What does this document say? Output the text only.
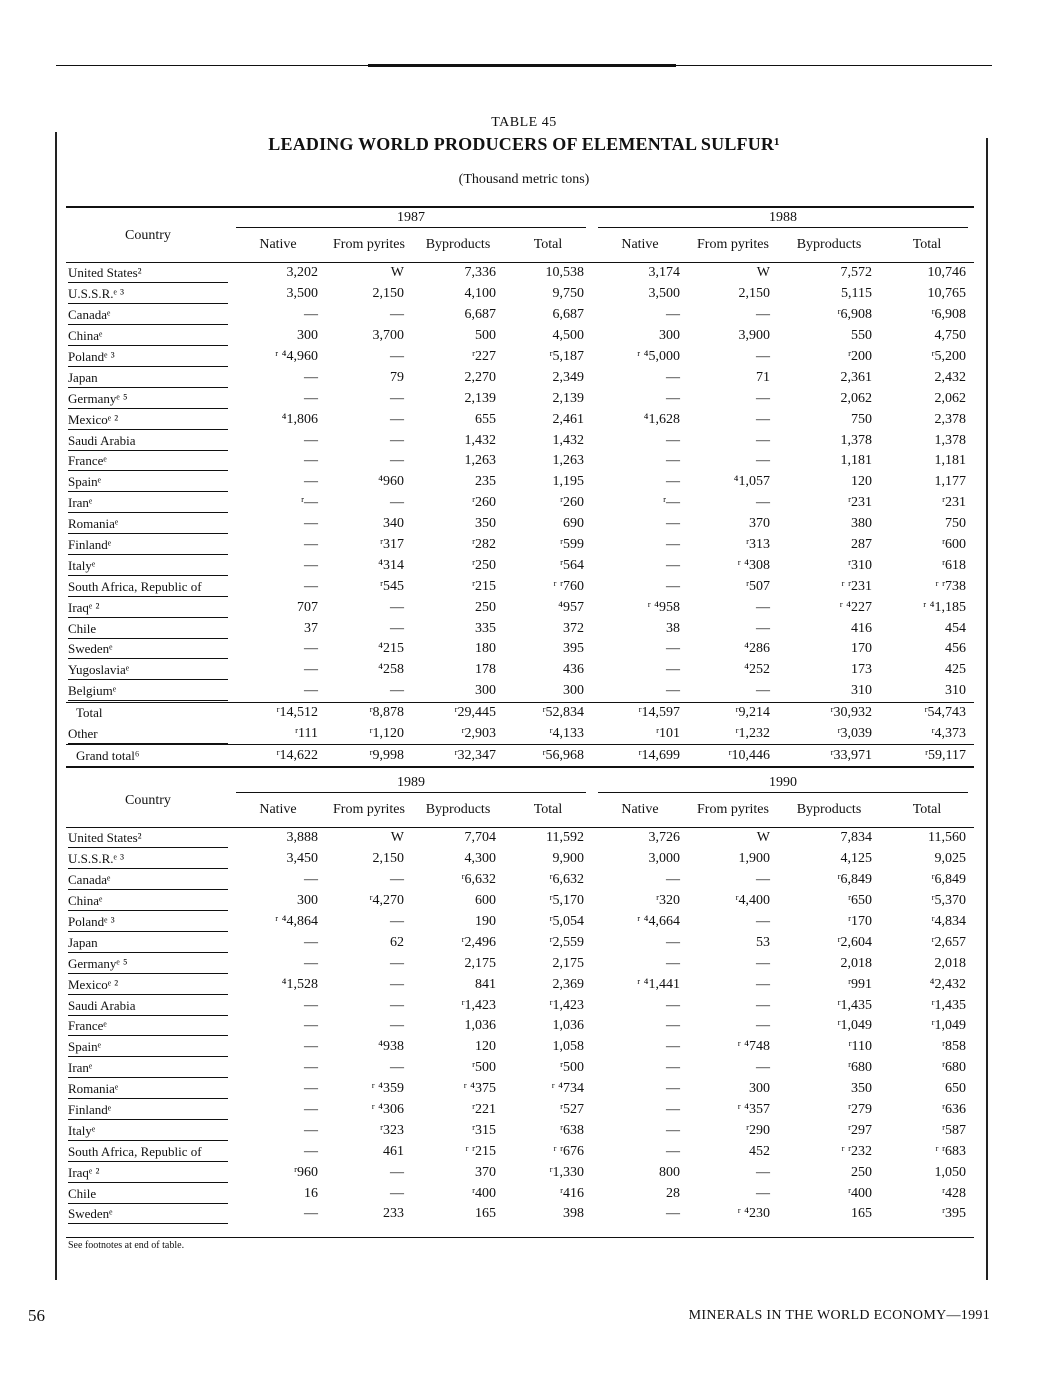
TABLE 45
LEADING WORLD PRODUCERS OF ELEMENTAL SULFUR¹
(Thousand metric tons)

	1987				1988			

Country	Native	From pyrites	Byproducts	Total	Native	From pyrites	Byproducts	Total
United States²	3,202	W	7,336	10,538	3,174	W	7,572	10,746
U.S.S.R.ᵉ ³	3,500	2,150	4,100	9,750	3,500	2,150	5,115	10,765
Canadaᵉ	—	—	6,687	6,687	—	—	ʳ6,908	ʳ6,908
Chinaᵉ	300	3,700	500	4,500	300	3,900	550	4,750
Polandᵉ ³	ʳ ⁴4,960	—	ʳ227	ʳ5,187	ʳ ⁴5,000	—	ʳ200	ʳ5,200
Japan	—	79	2,270	2,349	—	71	2,361	2,432
Germanyᵉ ⁵	—	—	2,139	2,139	—	—	2,062	2,062
Mexicoᵉ ²	⁴1,806	—	655	2,461	⁴1,628	—	750	2,378
Saudi Arabia	—	—	1,432	1,432	—	—	1,378	1,378
Franceᵉ	—	—	1,263	1,263	—	—	1,181	1,181
Spainᵉ	—	⁴960	235	1,195	—	⁴1,057	120	1,177
Iranᵉ	ʳ—	—	ʳ260	ʳ260	ʳ—	—	ʳ231	ʳ231
Romaniaᵉ	—	340	350	690	—	370	380	750
Finlandᵉ	—	ʳ317	ʳ282	ʳ599	—	ʳ313	287	ʳ600
Italyᵉ	—	⁴314	ʳ250	ʳ564	—	ʳ ⁴308	ʳ310	ʳ618
South Africa, Republic of	—	ʳ545	ʳ215	ʳ ʳ760	—	ʳ507	ʳ ʳ231	ʳ ʳ738
Iraqᵉ ²	707	—	250	⁴957	ʳ ⁴958	—	ʳ ⁴227	ʳ ⁴1,185
Chile	37	—	335	372	38	—	416	454
Swedenᵉ	—	⁴215	180	395	—	⁴286	170	456
Yugoslaviaᵉ	—	⁴258	178	436	—	⁴252	173	425
Belgiumᵉ	—	—	300	300	—	—	310	310
Total	ʳ14,512	ʳ8,878	ʳ29,445	ʳ52,834	ʳ14,597	ʳ9,214	ʳ30,932	ʳ54,743
Other	ʳ111	ʳ1,120	ʳ2,903	ʳ4,133	ʳ101	ʳ1,232	ʳ3,039	ʳ4,373
Grand total⁶	ʳ14,622	ʳ9,998	ʳ32,347	ʳ56,968	ʳ14,699	ʳ10,446	ʳ33,971	ʳ59,117

	1989				1990			

Country	Native	From pyrites	Byproducts	Total	Native	From pyrites	Byproducts	Total
United States²	3,888	W	7,704	11,592	3,726	W	7,834	11,560
U.S.S.R.ᵉ ³	3,450	2,150	4,300	9,900	3,000	1,900	4,125	9,025
Canadaᵉ	—	—	ʳ6,632	ʳ6,632	—	—	ʳ6,849	ʳ6,849
Chinaᵉ	300	ʳ4,270	600	ʳ5,170	ʳ320	ʳ4,400	ʳ650	ʳ5,370
Polandᵉ ³	ʳ ⁴4,864	—	190	ʳ5,054	ʳ ⁴4,664	—	ʳ170	ʳ4,834
Japan	—	62	ʳ2,496	ʳ2,559	—	53	ʳ2,604	ʳ2,657
Germanyᵉ ⁵	—	—	2,175	2,175	—	—	2,018	2,018
Mexicoᵉ ²	⁴1,528	—	841	2,369	ʳ ⁴1,441	—	ʳ991	⁴2,432
Saudi Arabia	—	—	ʳ1,423	ʳ1,423	—	—	ʳ1,435	ʳ1,435
Franceᵉ	—	—	1,036	1,036	—	—	ʳ1,049	ʳ1,049
Spainᵉ	—	⁴938	120	1,058	—	ʳ ⁴748	ʳ110	ʳ858
Iranᵉ	—	—	ʳ500	ʳ500	—	—	ʳ680	ʳ680
Romaniaᵉ	—	ʳ ⁴359	ʳ ⁴375	ʳ ⁴734	—	300	350	650
Finlandᵉ	—	ʳ ⁴306	ʳ221	ʳ527	—	ʳ ⁴357	ʳ279	ʳ636
Italyᵉ	—	ʳ323	ʳ315	ʳ638	—	ʳ290	ʳ297	ʳ587
South Africa, Republic of	—	461	ʳ ʳ215	ʳ ʳ676	—	452	ʳ ʳ232	ʳ ʳ683
Iraqᵉ ²	ʳ960	—	370	ʳ1,330	800	—	250	1,050
Chile	16	—	ʳ400	ʳ416	28	—	ʳ400	ʳ428
Swedenᵉ	—	233	165	398	—	ʳ ⁴230	165	ʳ395
See footnotes at end of table.
56	MINERALS IN THE WORLD ECONOMY—1991
